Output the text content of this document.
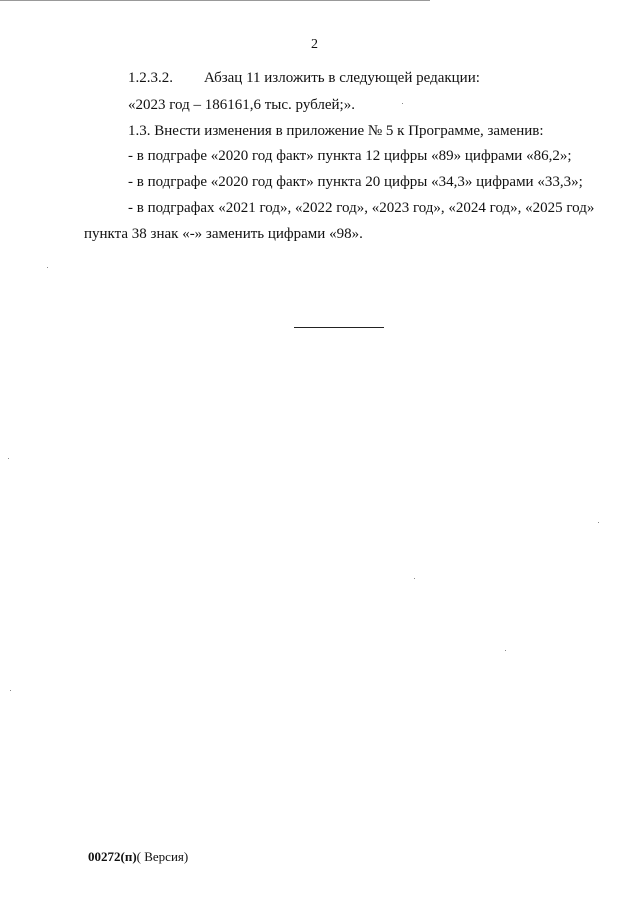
2
1.2.3.2. Абзац 11 изложить в следующей редакции:
«2023 год – 186161,6 тыс. рублей;».
1.3. Внести изменения в приложение № 5 к Программе, заменив:
- в подграфе «2020 год факт» пункта 12 цифры «89» цифрами «86,2»;
- в подграфе «2020 год факт» пункта 20 цифры «34,3» цифрами «33,3»;
- в подграфах «2021 год», «2022 год», «2023 год», «2024 год», «2025 год»
пункта 38 знак «-» заменить цифрами «98».
00272(п)( Версия)
